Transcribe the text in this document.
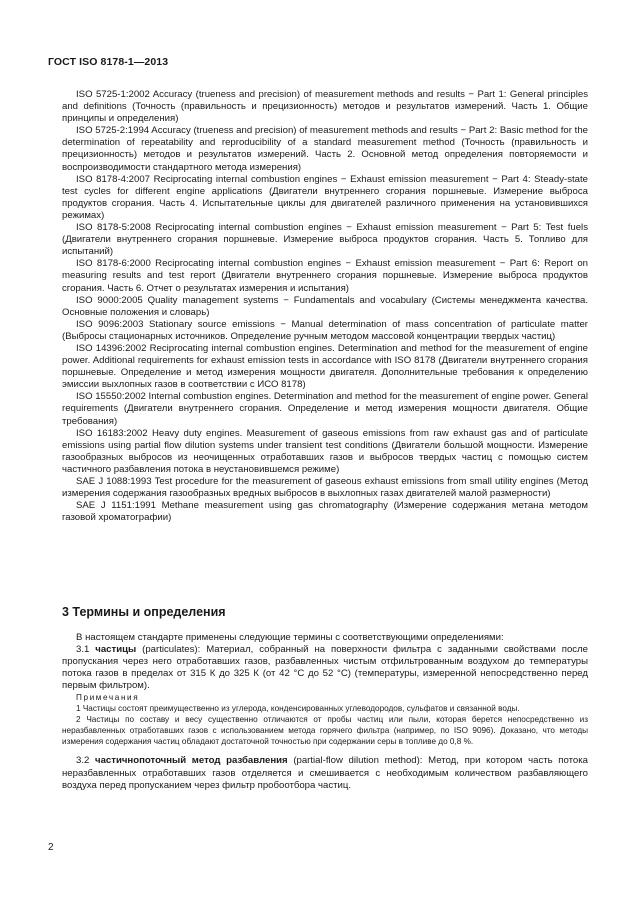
ГОСТ ISO 8178-1—2013

ISO 5725-1:2002 Accuracy (trueness and precision) of measurement methods and results − Part 1: General principles and definitions (Точность (правильность и прецизионность) методов и результатов измерений. Часть 1. Общие принципы и определения)

ISO 5725-2:1994 Accuracy (trueness and precision) of measurement methods and results − Part 2: Basic method for the determination of repeatability and reproducibility of a standard measurement method (Точность (правильность и прецизионность) методов и результатов измерений. Часть 2. Основной метод определения повторяемости и воспроизводимости стандартного метода измерения)

ISO 8178-4:2007 Reciprocating internal combustion engines − Exhaust emission measurement − Part 4: Steady-state test cycles for different engine applications (Двигатели внутреннего сгорания поршневые. Измерение выброса продуктов сгорания. Часть 4. Испытательные циклы для двигателей различного применения на установившихся режимах)

ISO 8178-5:2008 Reciprocating internal combustion engines − Exhaust emission measurement − Part 5: Test fuels (Двигатели внутреннего сгорания поршневые. Измерение выброса продуктов сгорания. Часть 5. Топливо для испытаний)

ISO 8178-6:2000 Reciprocating internal combustion engines − Exhaust emission measurement − Part 6: Report on measuring results and test report (Двигатели внутреннего сгорания поршневые. Измерение выброса продуктов сгорания. Часть 6. Отчет о результатах измерения и испытания)

ISO 9000:2005 Quality management systems − Fundamentals and vocabulary (Системы менеджмента качества. Основные положения и словарь)

ISO 9096:2003 Stationary source emissions − Manual determination of mass concentration of particulate matter (Выбросы стационарных источников. Определение ручным методом массовой концентрации твердых частиц)

ISO 14396:2002 Reciprocating internal combustion engines. Determination and method for the measurement of engine power. Additional requirements for exhaust emission tests in accordance with ISO 8178 (Двигатели внутреннего сгорания поршневые. Определение и метод измерения мощности двигателя. Дополнительные требования к определению эмиссии выхлопных газов в соответствии с ИСО 8178)

ISO 15550:2002 Internal combustion engines. Determination and method for the measurement of engine power. General requirements (Двигатели внутреннего сгорания. Определение и метод измерения мощности двигателя. Общие требования)

ISO 16183:2002 Heavy duty engines. Measurement of gaseous emissions from raw exhaust gas and of particulate emissions using partial flow dilution systems under transient test conditions (Двигатели большой мощности. Измерение газообразных выбросов из неочищенных отработавших газов и выбросов твердых частиц с помощью систем частичного разбавления потока в неустановившемся режиме)

SAE J 1088:1993 Test procedure for the measurement of gaseous exhaust emissions from small utility engines (Метод измерения содержания газообразных вредных выбросов в выхлопных газах двигателей малой размерности)

SAE J 1151:1991 Methane measurement using gas chromatography (Измерение содержания метана методом газовой хроматографии)

3 Термины и определения

В настоящем стандарте применены следующие термины с соответствующими определениями:

3.1 частицы (particulates): Материал, собранный на поверхности фильтра с заданными свойствами после пропускания через него отработавших газов, разбавленных чистым отфильтрованным воздухом до температуры потока газов в пределах от 315 К до 325 К (от 42 °С до 52 °С) (температуры, измеренной непосредственно перед первым фильтром).

Примечания

1 Частицы состоят преимущественно из углерода, конденсированных углеводородов, сульфатов и связанной воды.

2 Частицы по составу и весу существенно отличаются от пробы частиц или пыли, которая берется непосредственно из неразбавленных отработавших газов с использованием метода горячего фильтра (например, по ISO 9096). Доказано, что методы измерения содержания частиц обладают достаточной точностью при содержании серы в топливе до 0,8 %.

3.2 частичнопоточный метод разбавления (partial-flow dilution method): Метод, при котором часть потока неразбавленных отработавших газов отделяется и смешивается с необходимым количеством разбавляющего воздуха перед пропусканием через фильтр пробоотбора частиц.

2
